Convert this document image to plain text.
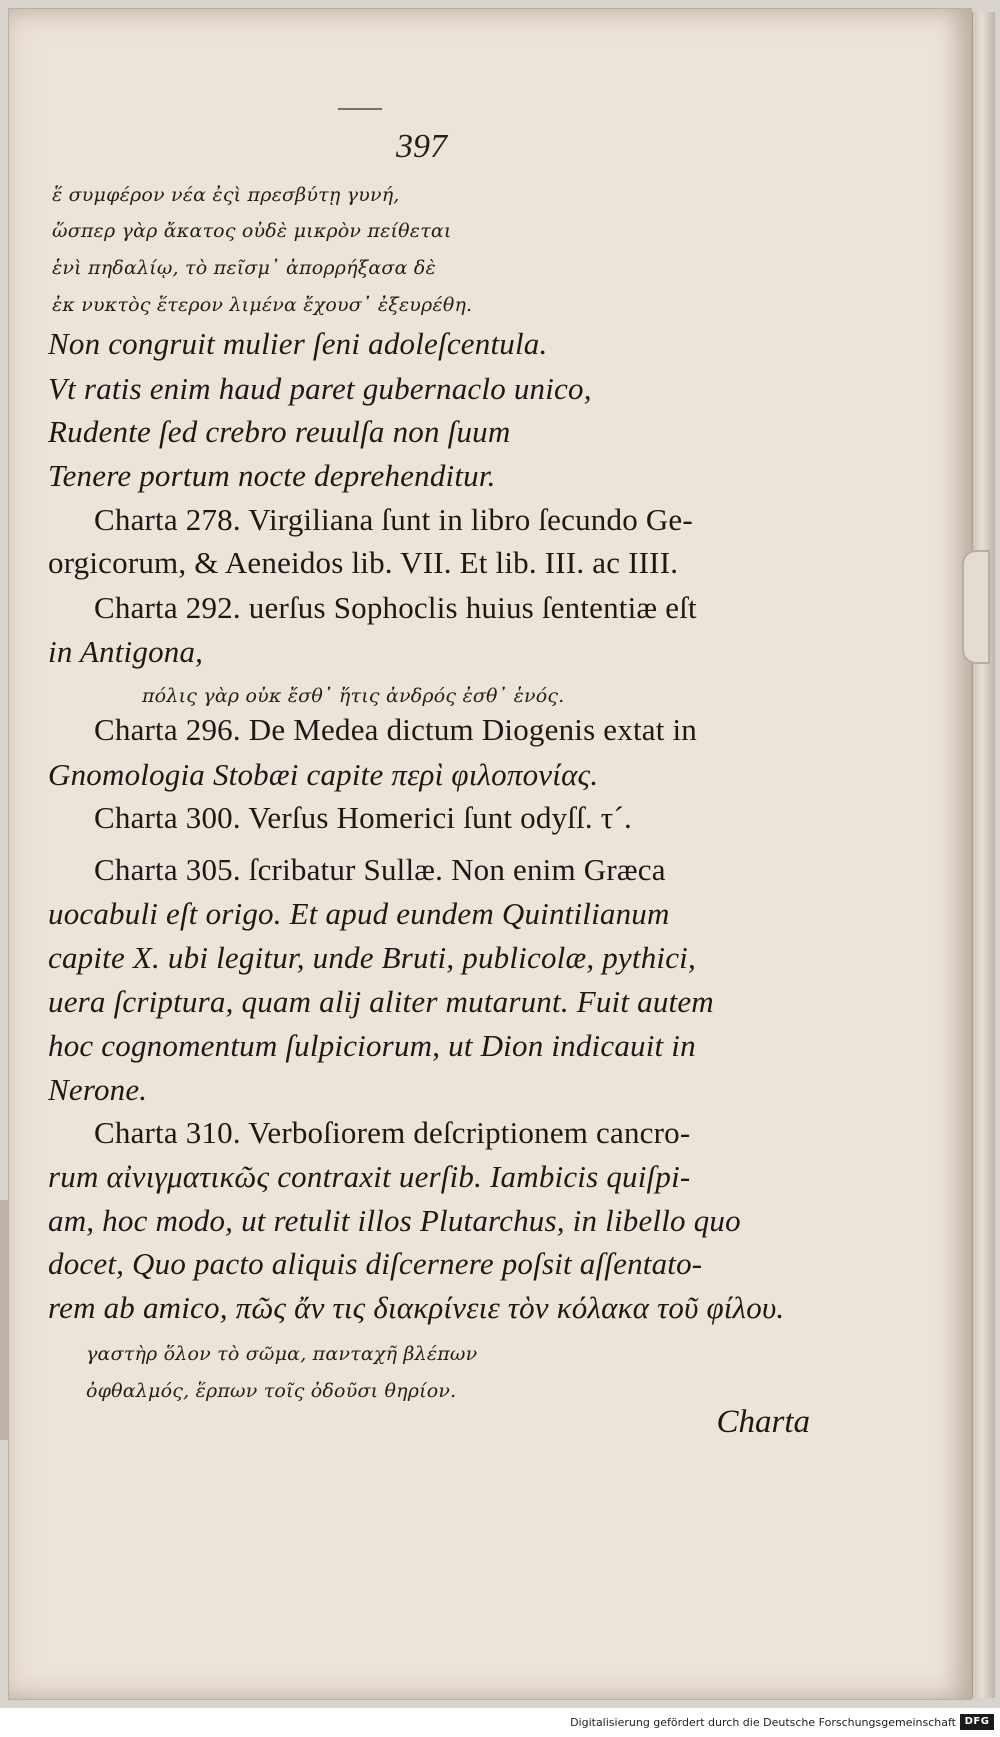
397
ἕ συμφέρον νέα ἐςὶ πρεσβύτῃ γυνή,
ὥσπερ γὰρ ἄκατος οὐδὲ μικρὸν πείθεται
ἑνὶ πηδαλίῳ, τὸ πεῖσμ᾽ ἀπορρήξασα δὲ
ἐκ νυκτὸς ἕτερον λιμένα ἔχουσ᾽ ἐξευρέθη.
Non congruit mulier ſeni adoleſcentula.
Vt ratis enim haud paret gubernaclo unico,
Rudente ſed crebro reuulſa non ſuum
Tenere portum nocte deprehenditur.
Charta 278. Virgiliana ſunt in libro ſecundo Ge-
orgicorum, & Aeneidos lib. VII. Et lib. III. ac IIII.
Charta 292. uerſus Sophoclis huius ſententiæ eſt
in Antigona,
πόλις γὰρ οὐκ ἔσθ᾽ ἥτις ἀνδρός ἐσθ᾽ ἑνός.
Charta 296. De Medea dictum Diogenis extat in
Gnomologia Stobæi capite περὶ φιλοπονίας.
Charta 300. Verſus Homerici ſunt odyſſ. τ´.
Charta 305. ſcribatur Sullæ. Non enim Græca
uocabuli eſt origo. Et apud eundem Quintilianum
capite X. ubi legitur, unde Bruti, publicolæ, pythici,
uera ſcriptura, quam alij aliter mutarunt. Fuit autem
hoc cognomentum ſulpiciorum, ut Dion indicauit in
Nerone.
Charta 310. Verboſiorem deſcriptionem cancro-
rum αἰνιγματικῶς contraxit uerſib. Iambicis quiſpi-
am, hoc modo, ut retulit illos Plutarchus, in libello quo
docet, Quo pacto aliquis diſcernere poſsit aſſentato-
rem ab amico, πῶς ἄν τις διακρίνειε τὸν κόλακα τοῦ φίλου.
γαστὴρ ὅλον τὸ σῶμα, πανταχῆ βλέπων
ὀφθαλμός, ἕρπων τοῖς ὀδοῦσι θηρίον.
Charta
Digitalisierung gefördert durch die Deutsche Forschungsgemeinschaft DFG
